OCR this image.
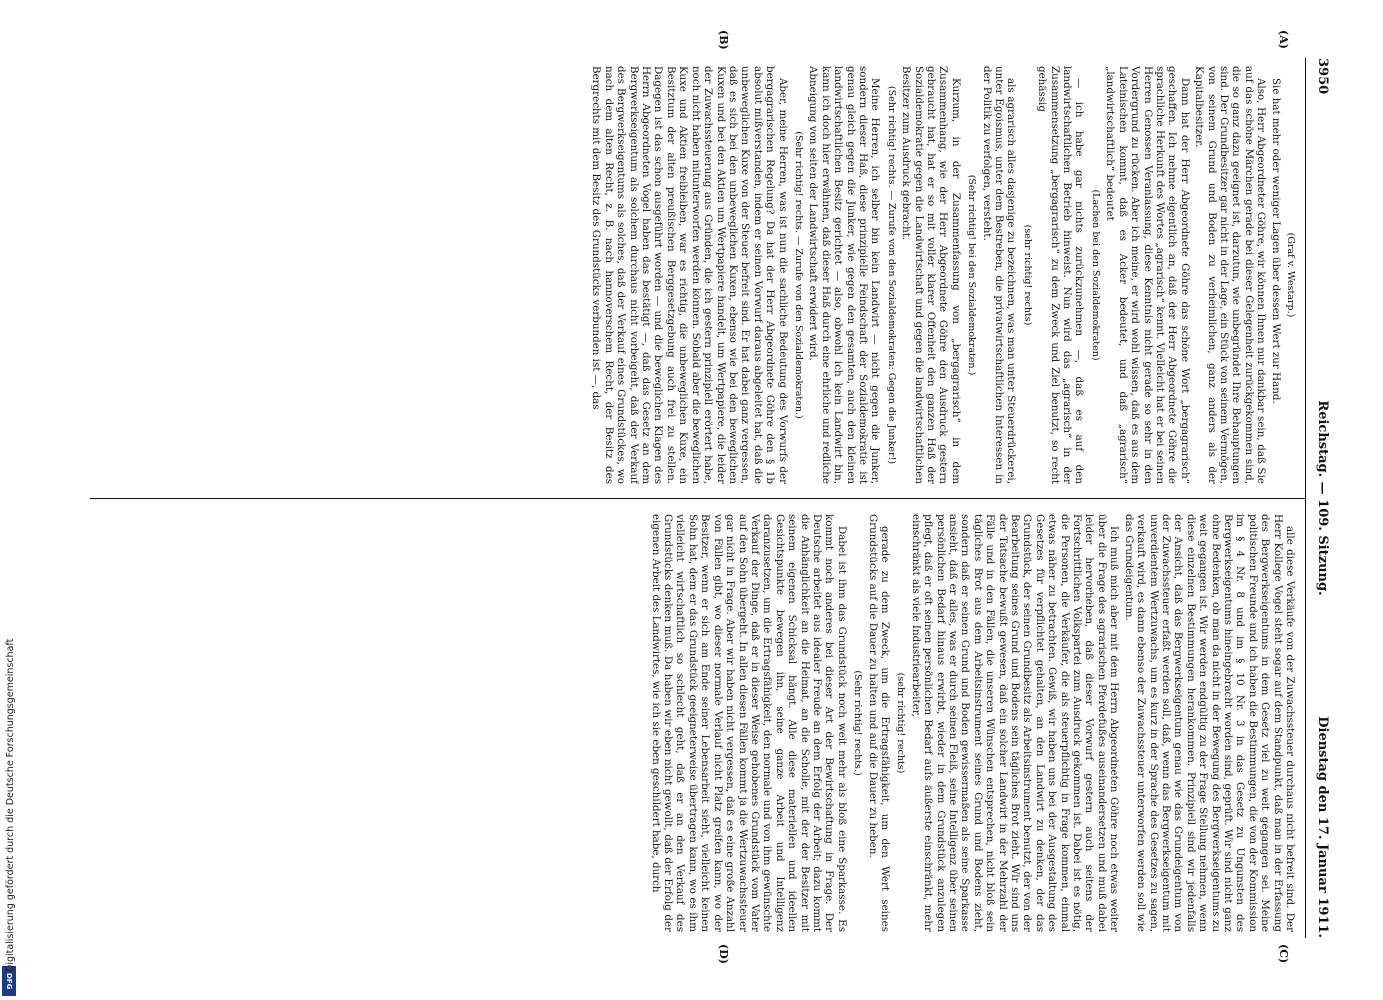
3950
Reichstag. — 109. Sitzung.
Dienstag den 17. Januar 1911.
(A)
(B)
(C)
(D)

(Graf v. Westarp.)

Sie hat mehr oder weniger Lagen über dessen Wert zur Hand.

Also, Herr Abgeordneter Göhre, wir können Ihnen nur dankbar sein, daß Sie auf das schöne Märchen gerade bei dieser Gelegenheit zurückgekommen sind, die so ganz dazu geeignet ist, darzutun, wie unbegründet Ihre Behauptungen sind. Der Grundbesitzer gar nicht in der Lage, ein Stück von seinem Vermögen, von seinem Grund und Boden zu verheimlichen, ganz anders als der Kapitalbesitzer.

Dann hat der Herr Abgeordnete Göhre das schöne Wort „bergagrarisch“ geschaffen. Ich nehme eigentlich an, daß der Herr Abgeordnete Göhre die sprachliche Herkunft des Wortes „agrarisch“ kennt. Vielleicht hat er bei seinen Herren Genossen Veranlassung, diese Kenntnis nicht gerade so sehr in den Vordergrund zu rücken. Aber ich meine, er wird wohl wissen, daß es aus dem Lateinischen kommt, daß es Acker bedeutet, und daß „agrarisch“ „landwirtschaftlich“ bedeutet

(Lachen bei den Sozialdemokraten)

— ich habe gar nichts zurückzunehmen —, daß es auf den landwirtschaftlichen Betrieb hinweist. Nun wird das „agrarisch“ in der Zusammensetzung „bergagrarisch“ zu dem Zweck und Ziel benutzt, so recht gehässig

(sehr richtig! rechts)

als agrarisch alles dasjenige zu bezeichnen, was man unter Steuerdrückerei, unter Egoismus, unter dem Bestreben, die privatwirtschaftlichen Interessen in der Politik zu verfolgen, versteht.

(Sehr richtig! bei den Sozialdemokraten.)

Kurzum, in der Zusammenfassung von „bergagrarisch“ in dem Zusammenhang, wie der Herr Abgeordnete Göhre den Ausdruck gestern gebraucht hat, hat er so mit voller klarer Offenheit den ganzen Haß der Sozialdemokratie gegen die Landwirtschaft und gegen die landwirtschaftlichen Besitzer zum Ausdruck gebracht.

(Sehr richtig! rechts. — Zurufe von den Sozialdemokraten: Gegen die Junker!)

Meine Herren, ich selber bin kein Landwirt — nicht gegen die Junker, sondern dieser Haß, diese prinzipielle Feindschaft der Sozialdemokratie ist genau gleich gegen die Junker, wie gegen den gesamten, auch den kleinen landwirtschaftlichen Besitz gerichtet — also, obwohl ich kein Landwirt bin, kann ich doch hier erwähnen, daß dieser Haß durch eine ehrliche und redliche Abneigung von seiten der Landwirtschaft erwidert wird.

(Sehr richtig! rechts. — Zurufe von den Sozialdemokraten.)

Aber, meine Herren, was ist nun die sachliche Bedeutung des Vorwurfs der bergagrarischen Regelung? Da hat der Herr Abgeordnete Göhre den § 1b absolut mißverstanden, indem er seinen Vorwurf daraus abgeleitet hat, daß die unbeweglichen Kuxe von der Steuer befreit sind. Er hat dabei ganz vergessen, daß es sich bei den unbeweglichen Kuxen, ebenso wie bei den beweglichen Kuxen und bei den Aktien um Wertpapiere handelt, um Wertpapiere, die leider der Zuwachssteuerung aus Gründen, die ich gestern prinzipiell erörtert habe, noch nicht haben mitunterworfen werden können. Sobald aber die beweglichen Kuxe und Aktien freibleiben, war es richtig, die unbeweglichen Kuxe, ein Besitztum der alten preußischen Berggesetzgebung auch frei zu stellen. Dagegen ist das schon ausgeführt worden — und die beweglichen Klagen des Herrn Abgeordneten Vogel haben das bestätigt —, daß das Gesetz an dem Bergwerkseigentum als solchem durchaus nicht vorbeigeht, daß der Verkauf des Bergwerkseigentums als solches, daß der Verkauf eines Grundstückes, wo nach dem alten Recht, z. B. nach hannoverschem Recht, der Besitz des Bergrechts mit dem Besitz des Grundstücks verbunden ist —, das

alle diese Verkäufe von der Zuwachssteuer durchaus nicht befreit sind. Der Herr Kollege Vogel steht sogar auf dem Standpunkt, daß man in der Erfassung des Bergwerkseigentums in dem Gesetz viel zu weit gegangen sei. Meine politischen Freunde und ich haben die Bestimmungen, die von der Kommission im § 4 Nr. 8 und im § 10 Nr. 3 in das Gesetz zu Ungunsten des Bergwerkseigentums hineingebracht worden sind, geprüft. Wir sind nicht ganz ohne Bedenken, ob man da nicht in der Bewegung des Bergwerkseigentums zu weit gegangen ist. Wir werden endgültig zu der Frage Stellung nehmen, wenn diese einzelnen Bestimmungen herankommen. Prinzipiell sind wir jedenfalls der Ansicht, daß das Bergwerkseigentum genau wie das Grundeigentum von der Zuwachssteuer erfaßt werden soll, daß, wenn das Bergwerkseigentum mit unverdientem Wertzuwachs, um es kurz in der Sprache des Gesetzes zu sagen, verkauft wird, es dann ebenso der Zuwachssteuer unterworfen werden soll wie das Grundeigentum.

Ich muß mich aber mit dem Herrn Abgeordneten Göhre noch etwas weiter über die Frage des agrarischen Pferdefußes auseinandersetzen und muß dabei leider hervorheben, daß dieser Vorwurf gestern auch seitens der Fortschrittlichen Volkspartei zum Ausdruck gekommen ist. Dabei ist es nötig, die Personen, die Verkäufer, die als steuerpflichtig in Frage kommen, einmal etwas näher zu betrachten. Gewiß, wir haben uns bei der Ausgestaltung des Gesetzes für verpflichtet gehalten, an den Landwirt zu denken, der das Grundstück, der seinen Grundbesitz als Arbeitsinstrument benutzt, der von der Bearbeitung seines Grund und Bodens sein tägliches Brot zieht. Wir sind uns der Tatsache bewußt gewesen, daß ein solcher Landwirt in der Mehrzahl der Fälle und in den Fällen, die unseren Wünschen entsprechen, nicht bloß sein tägliches Brot aus dem Arbeitsinstrument seines Grund und Bodens zieht, sondern daß er seinen Grund und Boden gewissermaßen als seine Sparkasse ansieht, daß er alles, was er durch seinen Fleiß, seine Intelligenz über seinen persönlichen Bedarf hinaus erwirbt, wieder in dem Grundstück anzulegen pflegt, daß er oft seinen persönlichen Bedarf aufs äußerste einschränkt, mehr einschränkt als viele Industriearbeiter,

(sehr richtig! rechts)

gerade zu dem Zweck, um die Ertragsfähigkeit, um den Wert seines Grundstücks auf die Dauer zu halten und auf die Dauer zu heben.

(Sehr richtig! rechts.)

Dabei ist ihm das Grundstück noch weit mehr als bloß eine Sparkasse. Es kommt noch anderes bei dieser Art der Bewirtschaftung in Frage. Der Deutsche arbeitet aus idealer Freude an dem Erfolg der Arbeit; dazu kommt die Anhänglichkeit an die Heimat, an die Scholle, mit der der Besitzer mit seinem eigenen Schicksal hängt. Alle diese materiellen und ideellen Gesichtspunkte bewegen ihn, seine ganze Arbeit und Intelligenz daranzusetzen, um die Ertragsfähigkeit, den normale und von ihm gewünschte Verkauf der Dinge, daß er in dieser Weise gehobenes Grundstück vom Vater auf den Sohn übergeht. In allen diesen Fällen kommt ja die Wertzuwachssteuer gar nicht in Frage. Aber wir haben nicht vergessen, daß es eine große Anzahl von Fällen gibt, wo dieser normale Verlauf nicht Platz greifen kann, wo der Besitzer, wenn er sich am Ende seiner Lebensarbeit sieht, vielleicht keinen Sohn hat, dem er das Grundstück geeigneterweise übertragen kann, wo es ihm vielleicht wirtschaftlich so schlecht geht, daß er an den Verkauf des Grundstücks denken muß. Da haben wir eben nicht gewollt, daß der Erfolg der eigenen Arbeit des Landwirtes, wie ich sie eben geschildert habe, durch

DFG
Digitalisierung gefördert durch die Deutsche Forschungsgemeinschaft
